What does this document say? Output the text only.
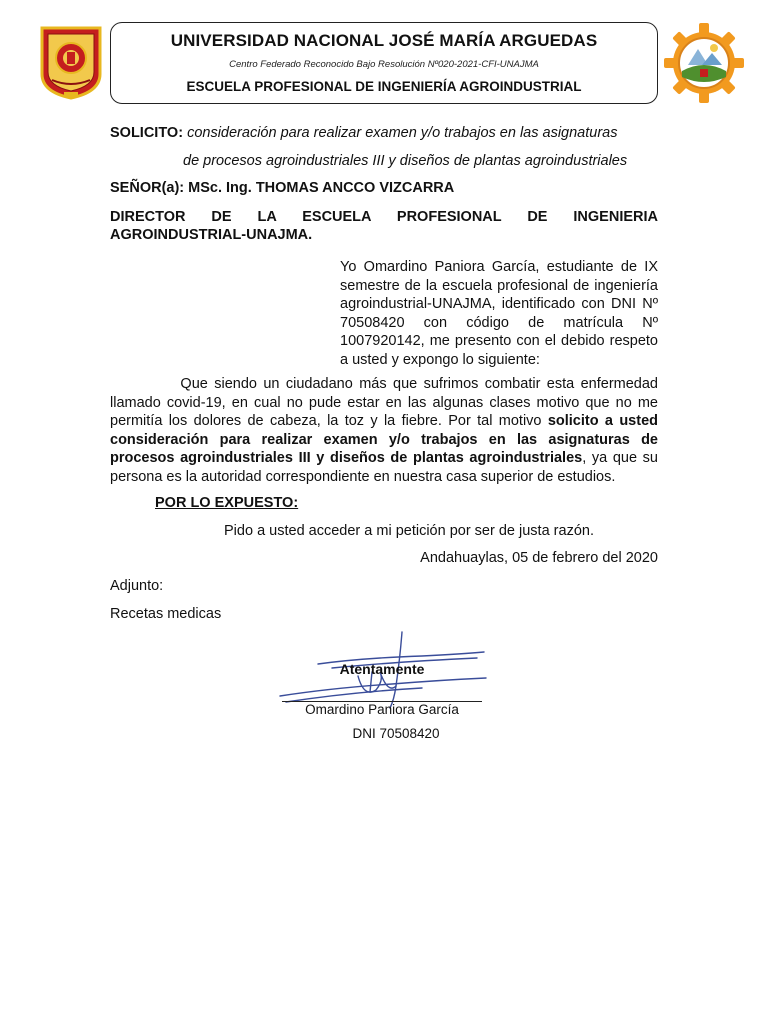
UNIVERSIDAD NACIONAL JOSÉ MARÍA ARGUEDAS
Centro Federado Reconocido Bajo Resolución Nº020-2021-CFI-UNAJMA
ESCUELA PROFESIONAL DE INGENIERÍA AGROINDUSTRIAL
SOLICITO: consideración para realizar examen y/o trabajos en las asignaturas
de procesos agroindustriales III y diseños de plantas agroindustriales
SEÑOR(a): MSc. Ing. THOMAS ANCCO VIZCARRA
DIRECTOR DE LA ESCUELA PROFESIONAL DE INGENIERIA AGROINDUSTRIAL-UNAJMA.
Yo Omardino Paniora García, estudiante de IX semestre de la escuela profesional de ingeniería agroindustrial-UNAJMA, identificado con DNI Nº 70508420 con código de matrícula Nº 1007920142, me presento con el debido respeto a usted y expongo lo siguiente:
Que siendo un ciudadano más que sufrimos combatir esta enfermedad llamado covid-19, en cual no pude estar en las algunas clases motivo que no me permitía los dolores de cabeza, la toz y la fiebre. Por tal motivo solicito a usted consideración para realizar examen y/o trabajos en las asignaturas de procesos agroindustriales III y diseños de plantas agroindustriales, ya que su persona es la autoridad correspondiente en nuestra casa superior de estudios.
POR LO EXPUESTO:
Pido a usted acceder a mi petición por ser de justa razón.
Andahuaylas, 05 de febrero del 2020
Adjunto:
Recetas medicas
Atentamente
Omardino Paniora García
DNI 70508420
